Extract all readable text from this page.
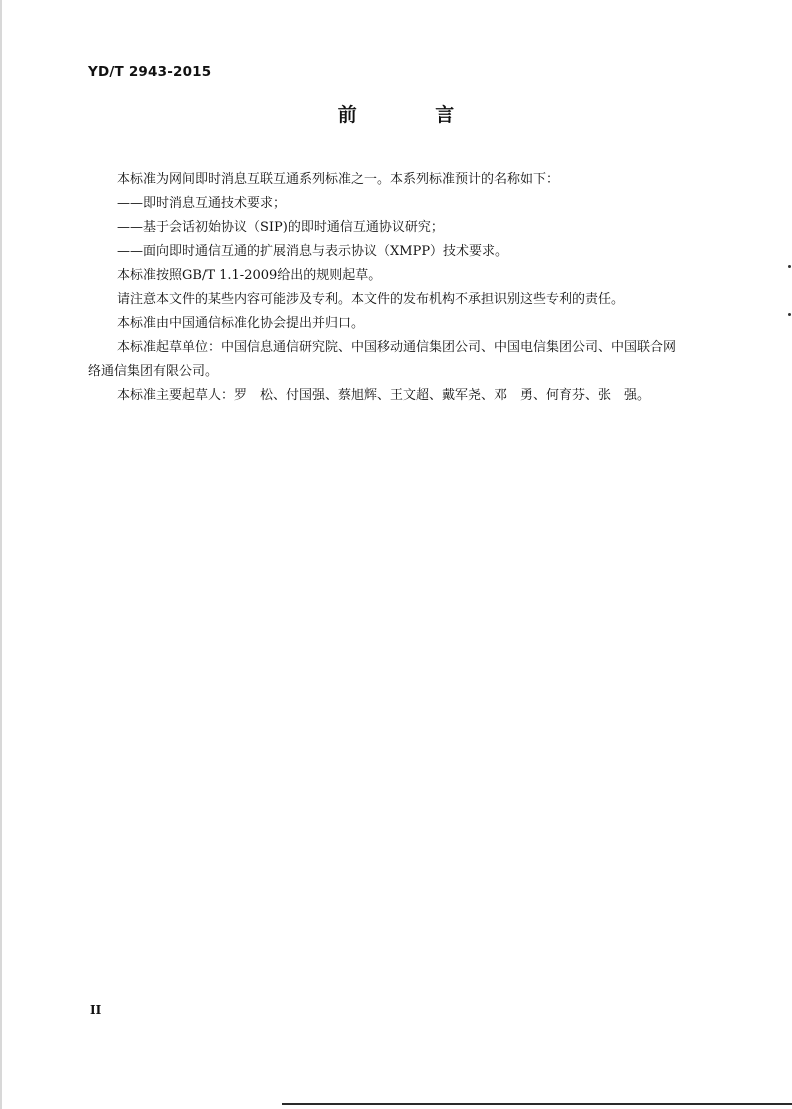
YD/T 2943-2015
前 言

本标准为网间即时消息互联互通系列标准之一。本系列标准预计的名称如下：

——即时消息互通技术要求；

——基于会话初始协议（SIP)的即时通信互通协议研究；

——面向即时通信互通的扩展消息与表示协议（XMPP）技术要求。

本标准按照GB/T 1.1-2009给出的规则起草。

请注意本文件的某些内容可能涉及专利。本文件的发布机构不承担识别这些专利的责任。

本标准由中国通信标准化协会提出并归口。

本标准起草单位：中国信息通信研究院、中国移动通信集团公司、中国电信集团公司、中国联合网

络通信集团有限公司。

本标准主要起草人：罗　松、付国强、蔡旭辉、王文超、戴军尧、邓　勇、何育芬、张　强。

II
